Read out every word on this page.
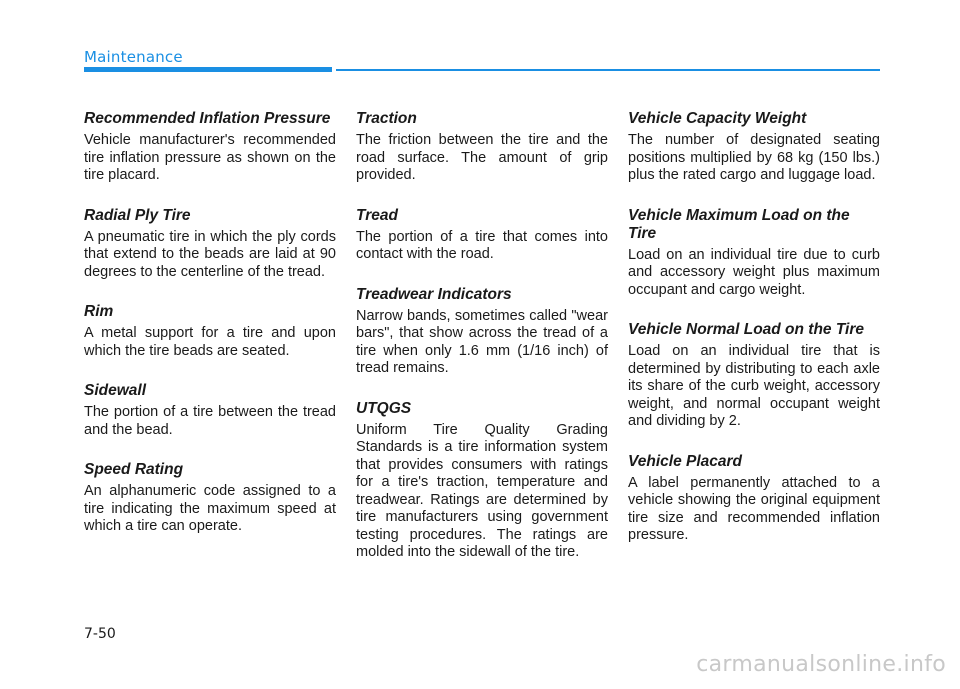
Maintenance
Recommended Inflation Pressure

Vehicle manufacturer's recommended tire inflation pressure as shown on the tire placard.

Radial Ply Tire

A pneumatic tire in which the ply cords that extend to the beads are laid at 90 degrees to the centerline of the tread.

Rim

A metal support for a tire and upon which the tire beads are seated.

Sidewall

The portion of a tire between the tread and the bead.

Speed Rating

An alphanumeric code assigned to a tire indicating the maximum speed at which a tire can operate.

Traction

The friction between the tire and the road surface. The amount of grip provided.

Tread

The portion of a tire that comes into contact with the road.

Treadwear Indicators

Narrow bands, sometimes called "wear bars", that show across the tread of a tire when only 1.6 mm (1/16 inch) of tread remains.

UTQGS

Uniform Tire Quality Grading Standards is a tire information system that provides consumers with ratings for a tire's traction, temperature and treadwear. Ratings are determined by tire manufacturers using government testing procedures. The ratings are molded into the sidewall of the tire.

Vehicle Capacity Weight

The number of designated seating positions multiplied by 68 kg (150 lbs.) plus the rated cargo and luggage load.

Vehicle Maximum Load on the Tire

Load on an individual tire due to curb and accessory weight plus maximum occupant and cargo weight.

Vehicle Normal Load on the Tire

Load on an individual tire that is determined by distributing to each axle its share of the curb weight, accessory weight, and normal occupant weight and dividing by 2.

Vehicle Placard

A label permanently attached to a vehicle showing the original equipment tire size and recommended inflation pressure.

7-50
carmanualsonline.info
